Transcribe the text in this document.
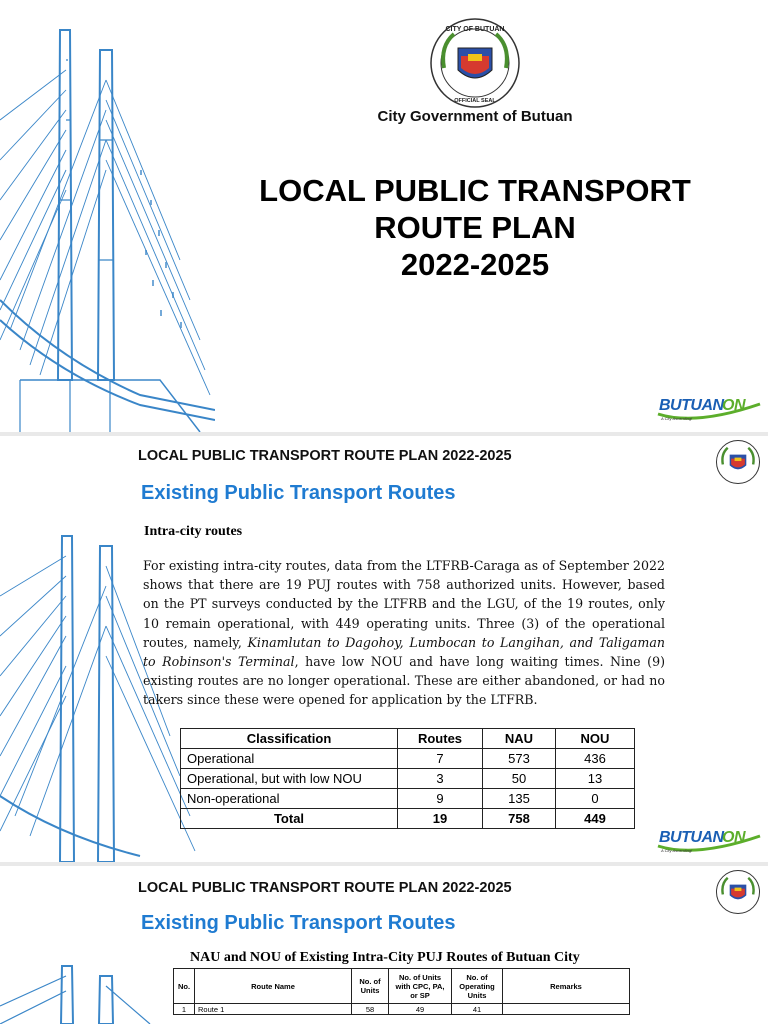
CITY OF BUTUAN
OFFICIAL SEAL
City Government of Butuan
LOCAL PUBLIC TRANSPORT
ROUTE PLAN
2022-2025
BUTUAN
ON
A City Ascending!
LOCAL PUBLIC TRANSPORT ROUTE PLAN 2022-2025
Existing Public Transport Routes
Intra-city routes

For existing intra-city routes, data from the LTFRB-Caraga as of September 2022 shows that there are 19 PUJ routes with 758 authorized units. However, based on the PT surveys conducted by the LTFRB and the LGU, of the 19 routes, only 10 remain operational, with 449 operating units. Three (3) of the operational routes, namely, Kinamlutan to Dagohoy, Lumbocan to Langihan, and Taligaman to Robinson's Terminal, have low NOU and have long waiting times. Nine (9) existing routes are no longer operational. These are either abandoned, or had no takers since these were opened for application by the LTFRB.

Classification	Routes	NAU	NOU
Operational	7	573	436
Operational, but with low NOU	3	50	13
Non-operational	9	135	0
Total	19	758	449
BUTUAN
ON
A City Ascending!
LOCAL PUBLIC TRANSPORT ROUTE PLAN 2022-2025
Existing Public Transport Routes
NAU and NOU of Existing Intra-City PUJ Routes of Butuan City
No.	Route Name	No. of Units	No. of Units with CPC, PA, or SP	No. of Operating Units	Remarks
1	Route 1	58	49	41	
